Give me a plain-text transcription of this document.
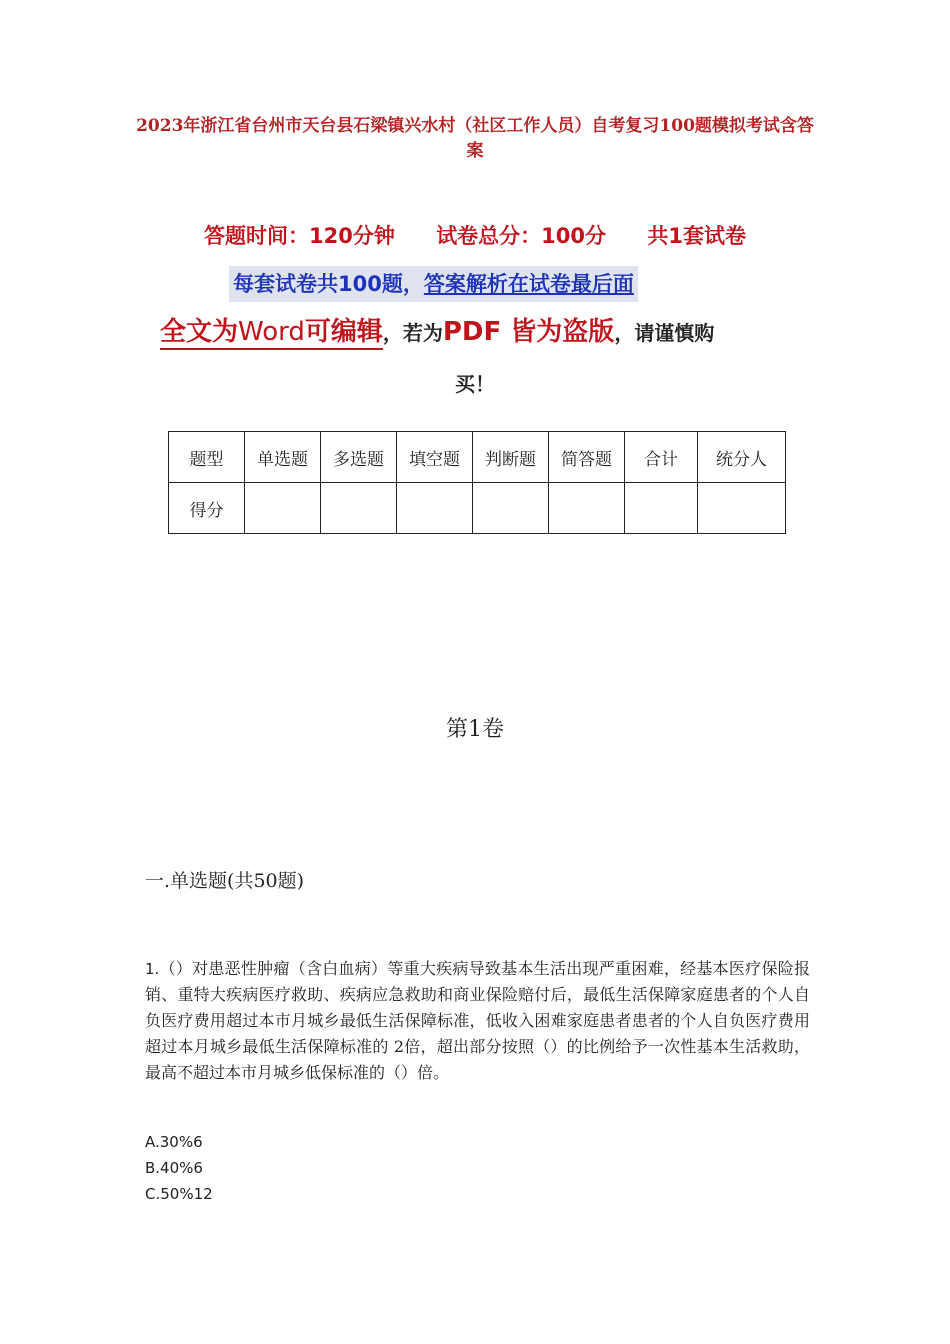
2023年浙江省台州市天台县石梁镇兴水村（社区工作人员）自考复习100题模拟考试含答案
答题时间：120分钟 试卷总分：100分 共1套试卷
每套试卷共100题，答案解析在试卷最后面
全文为Word可编辑，若为PDF 皆为盗版，请谨慎购
买！
题型	单选题	多选题	填空题	判断题	简答题	合计	统分人
得分							
第1卷
一.单选题(共50题)
1.（）对患恶性肿瘤（含白血病）等重大疾病导致基本生活出现严重困难，经基本医疗保险报销、重特大疾病医疗救助、疾病应急救助和商业保险赔付后，最低生活保障家庭患者的个人自负医疗费用超过本市月城乡最低生活保障标准，低收入困难家庭患者患者的个人自负医疗费用超过本月城乡最低生活保障标准的 2倍，超出部分按照（）的比例给予一次性基本生活救助，最高不超过本市月城乡低保标准的（）倍。
A.30%6
B.40%6
C.50%12
